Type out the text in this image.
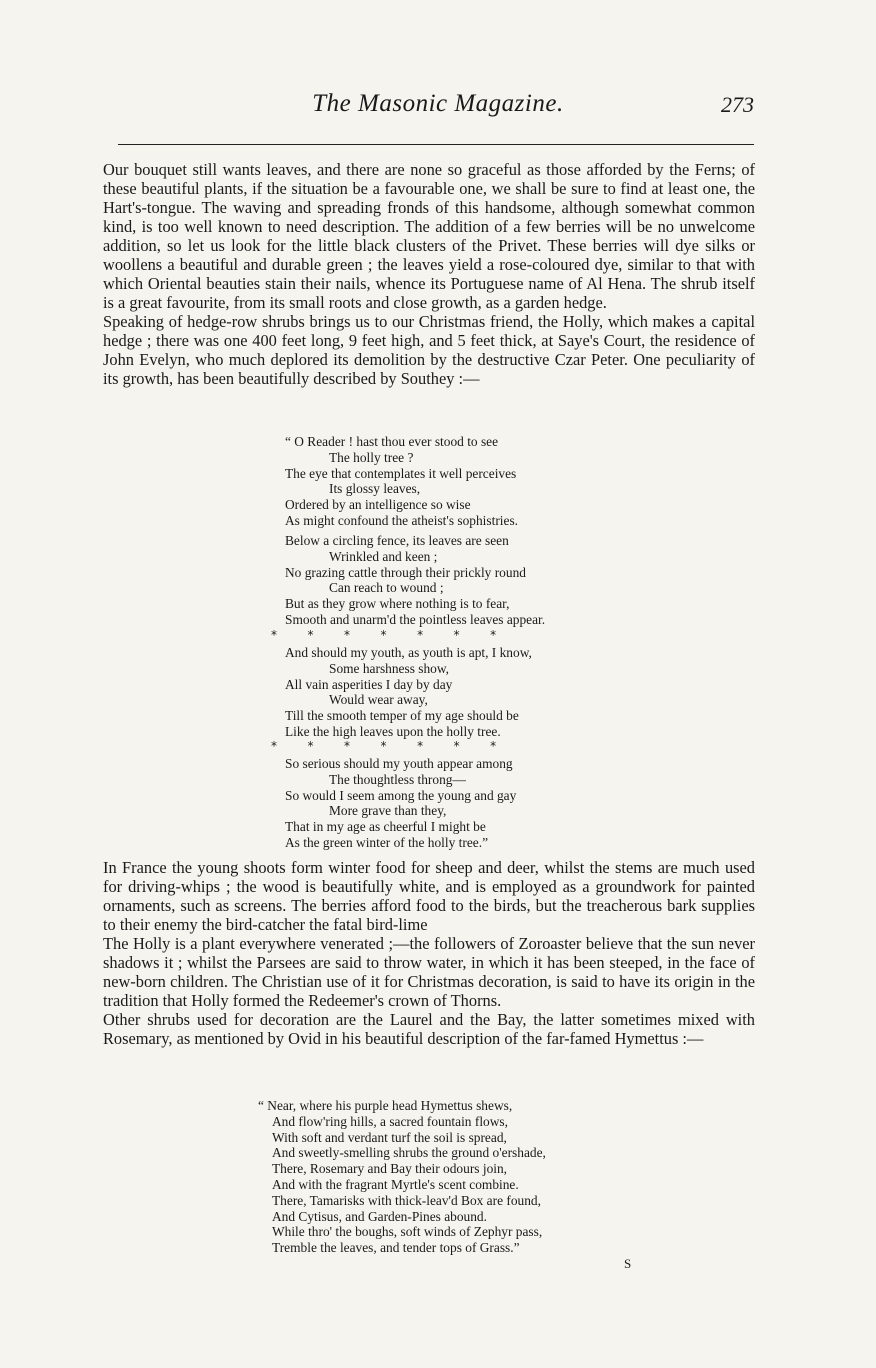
The Masonic Magazine.	273

Our bouquet still wants leaves, and there are none so graceful as those afforded by the Ferns; of these beautiful plants, if the situation be a favourable one, we shall be sure to find at least one, the Hart's-tongue. The waving and spreading fronds of this handsome, although somewhat common kind, is too well known to need description. The addition of a few berries will be no unwelcome addition, so let us look for the little black clusters of the Privet. These berries will dye silks or woollens a beautiful and durable green ; the leaves yield a rose-coloured dye, similar to that with which Oriental beauties stain their nails, whence its Portuguese name of Al Hena. The shrub itself is a great favourite, from its small roots and close growth, as a garden hedge.

Speaking of hedge-row shrubs brings us to our Christmas friend, the Holly, which makes a capital hedge ; there was one 400 feet long, 9 feet high, and 5 feet thick, at Saye's Court, the residence of John Evelyn, who much deplored its demolition by the destructive Czar Peter. One peculiarity of its growth, has been beautifully described by Southey :—

“ O Reader ! hast thou ever stood to see
The holly tree ?
The eye that contemplates it well perceives
Its glossy leaves,
Ordered by an intelligence so wise
As might confound the atheist's sophistries.
Below a circling fence, its leaves are seen
Wrinkled and keen ;
No grazing cattle through their prickly round
Can reach to wound ;
But as they grow where nothing is to fear,
Smooth and unarm'd the pointless leaves appear.
*        *        *        *        *        *        *
And should my youth, as youth is apt, I know,
Some harshness show,
All vain asperities I day by day
Would wear away,
Till the smooth temper of my age should be
Like the high leaves upon the holly tree.
*        *        *        *        *        *        *
So serious should my youth appear among
The thoughtless throng—
So would I seem among the young and gay
More grave than they,
That in my age as cheerful I might be
As the green winter of the holly tree.”

In France the young shoots form winter food for sheep and deer, whilst the stems are much used for driving-whips ; the wood is beautifully white, and is employed as a groundwork for painted ornaments, such as screens. The berries afford food to the birds, but the treacherous bark supplies to their enemy the bird-catcher the fatal bird-lime

The Holly is a plant everywhere venerated ;—the followers of Zoroaster believe that the sun never shadows it ; whilst the Parsees are said to throw water, in which it has been steeped, in the face of new-born children. The Christian use of it for Christmas decoration, is said to have its origin in the tradition that Holly formed the Redeemer's crown of Thorns.

Other shrubs used for decoration are the Laurel and the Bay, the latter sometimes mixed with Rosemary, as mentioned by Ovid in his beautiful description of the far-famed Hymettus :—

“ Near, where his purple head Hymettus shews,
And flow'ring hills, a sacred fountain flows,
With soft and verdant turf the soil is spread,
And sweetly-smelling shrubs the ground o'ershade,
There, Rosemary and Bay their odours join,
And with the fragrant Myrtle's scent combine.
There, Tamarisks with thick-leav'd Box are found,
And Cytisus, and Garden-Pines abound.
While thro' the boughs, soft winds of Zephyr pass,
Tremble the leaves, and tender tops of Grass.”
S
